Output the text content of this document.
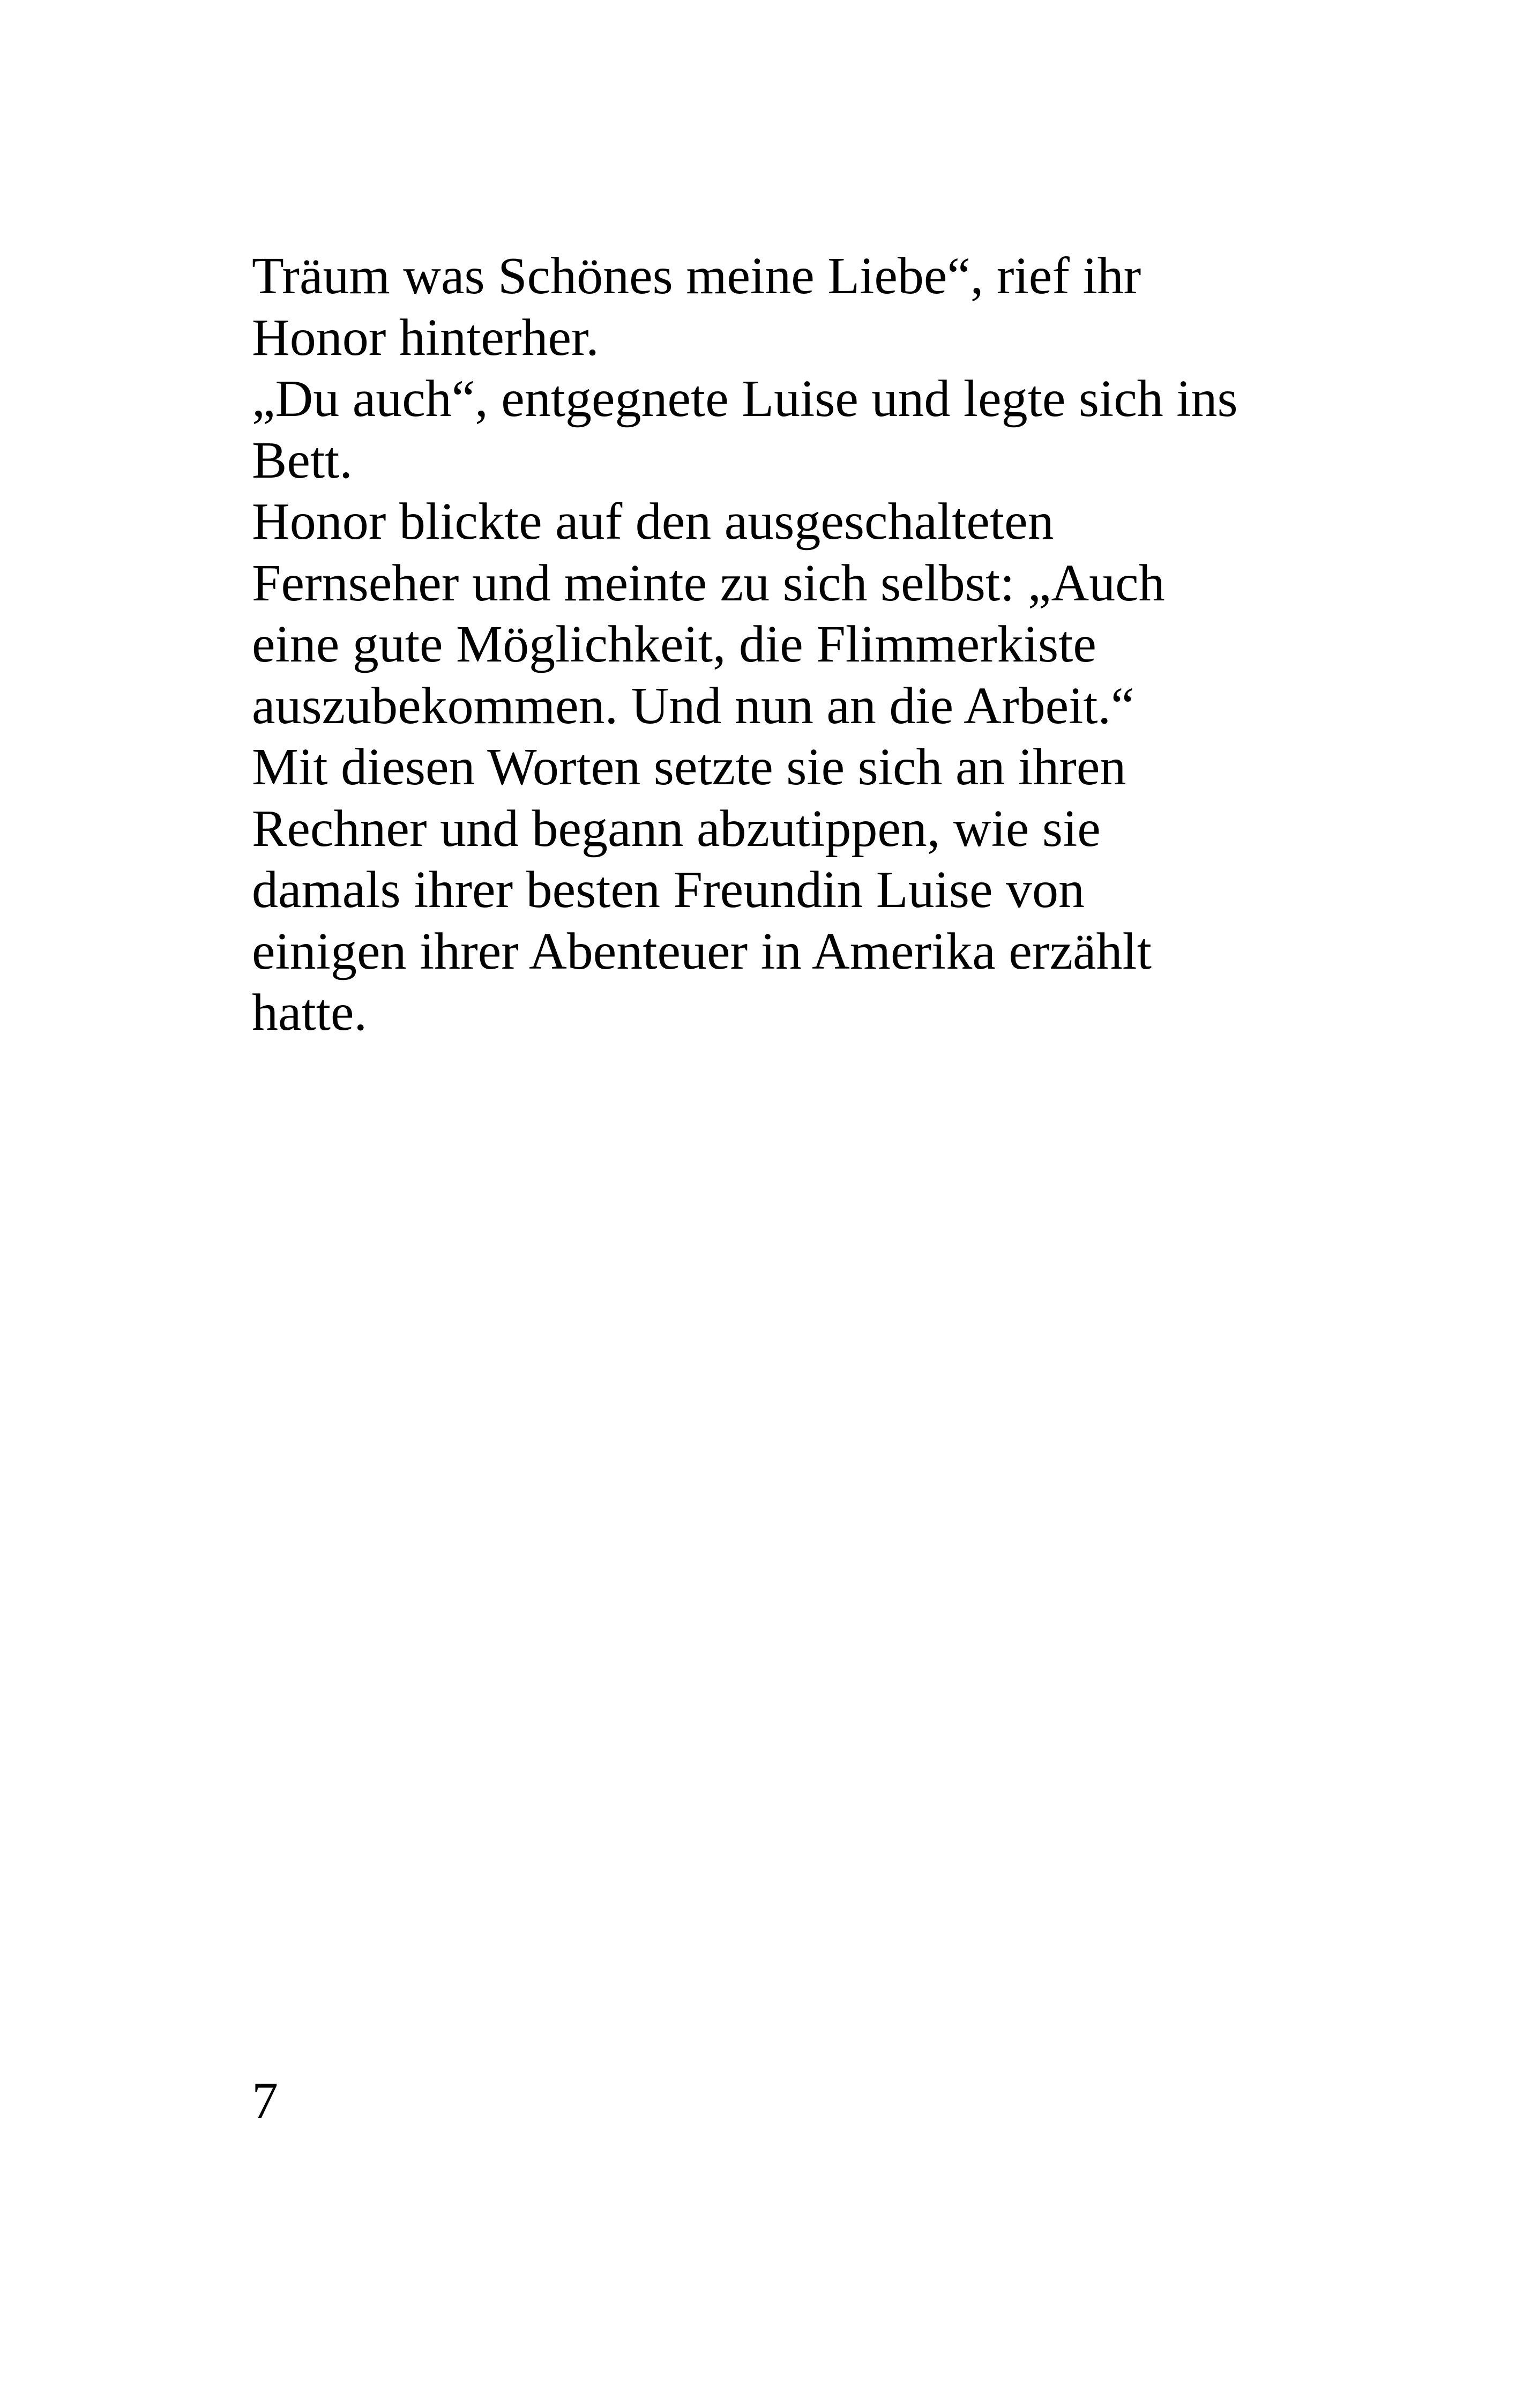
Träum was Schönes meine Liebe“, rief ihr
Honor hinterher.
„Du auch“, entgegnete Luise und legte sich ins
Bett.
Honor blickte auf den ausgeschalteten
Fernseher und meinte zu sich selbst: „Auch
eine gute Möglichkeit, die Flimmerkiste
auszubekommen. Und nun an die Arbeit.“
Mit diesen Worten setzte sie sich an ihren
Rechner und begann abzutippen, wie sie
damals ihrer besten Freundin Luise von
einigen ihrer Abenteuer in Amerika erzählt
hatte.
7
